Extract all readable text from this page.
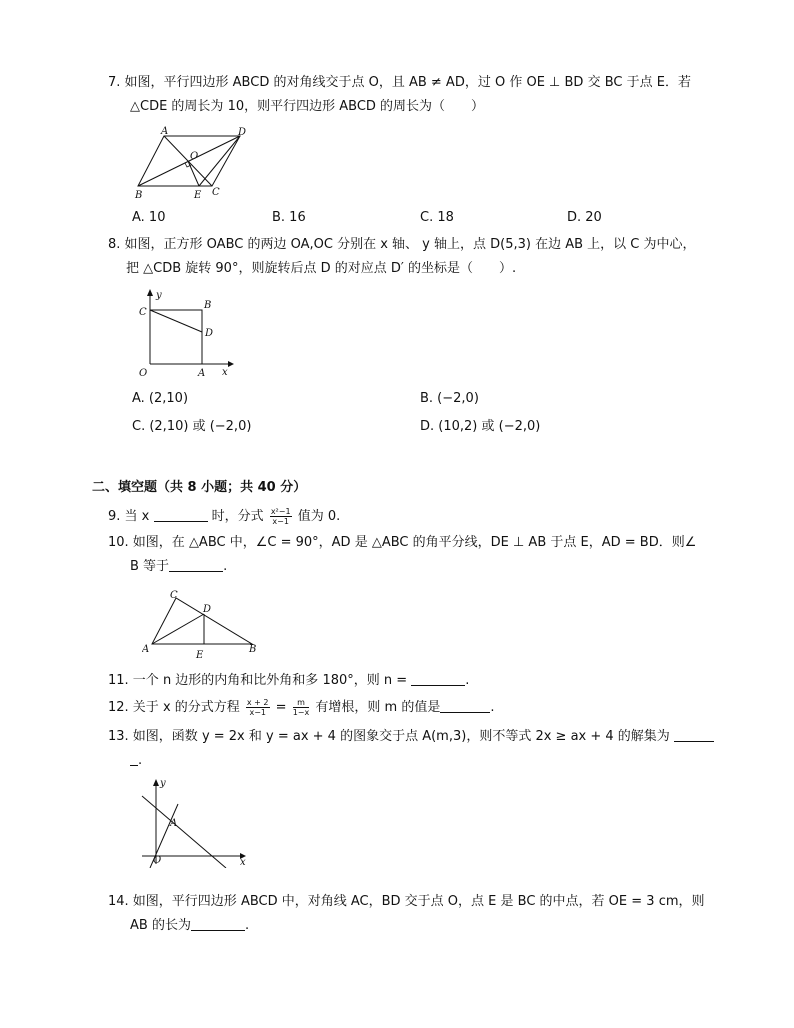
7. 如图，平行四边形 ABCD 的对角线交于点 O，且 AB ≠ AD，过 O 作 OE ⊥ BD 交 BC 于点 E．若
△CDE 的周长为 10，则平行四边形 ABCD 的周长为（　　）
A	D
O
B	E C
A. 10	B. 16	C. 18	D. 20
8. 如图，正方形 OABC 的两边 OA,OC 分别在 x 轴、 y 轴上，点 D(5,3) 在边 AB 上，以 C 为中心，
把 △CDB 旋转 90°，则旋转后点 D 的对应点 D′ 的坐标是（　　）.
y
B
C
D
O	A x
A. (2,10)	B. (−2,0)
C. (2,10) 或 (−2,0)	D. (10,2) 或 (−2,0)
二、填空题（共 8 小题；共 40 分）
9. 当 x	时，分式 $\frac{\text{x²−1}}{x-1}$ 值为 0.
10. 如图，在 △ABC 中，∠C = 90°，AD 是 △ABC 的角平分线，DE ⊥ AB 于点 E，AD = BD．则∠
B 等于	.
C
D
A
E
B
11. 一个 n 边形的内角和比外角和多 180°，则 n =	.
12. 关于 x 的分式方程 $\frac{x + 2}{x-1} = \frac{m}{1-x}$ 有增根，则 m 的值是	.
13. 如图，函数 y = 2x 和 y = ax + 4 的图象交于点 A(m,3)，则不等式 2x ≥ ax + 4 的解集为
.
y
A
O	x
14. 如图，平行四边形 ABCD 中，对角线 AC，BD 交于点 O，点 E 是 BC 的中点，若 OE = 3 cm，则
AB 的长为	.
